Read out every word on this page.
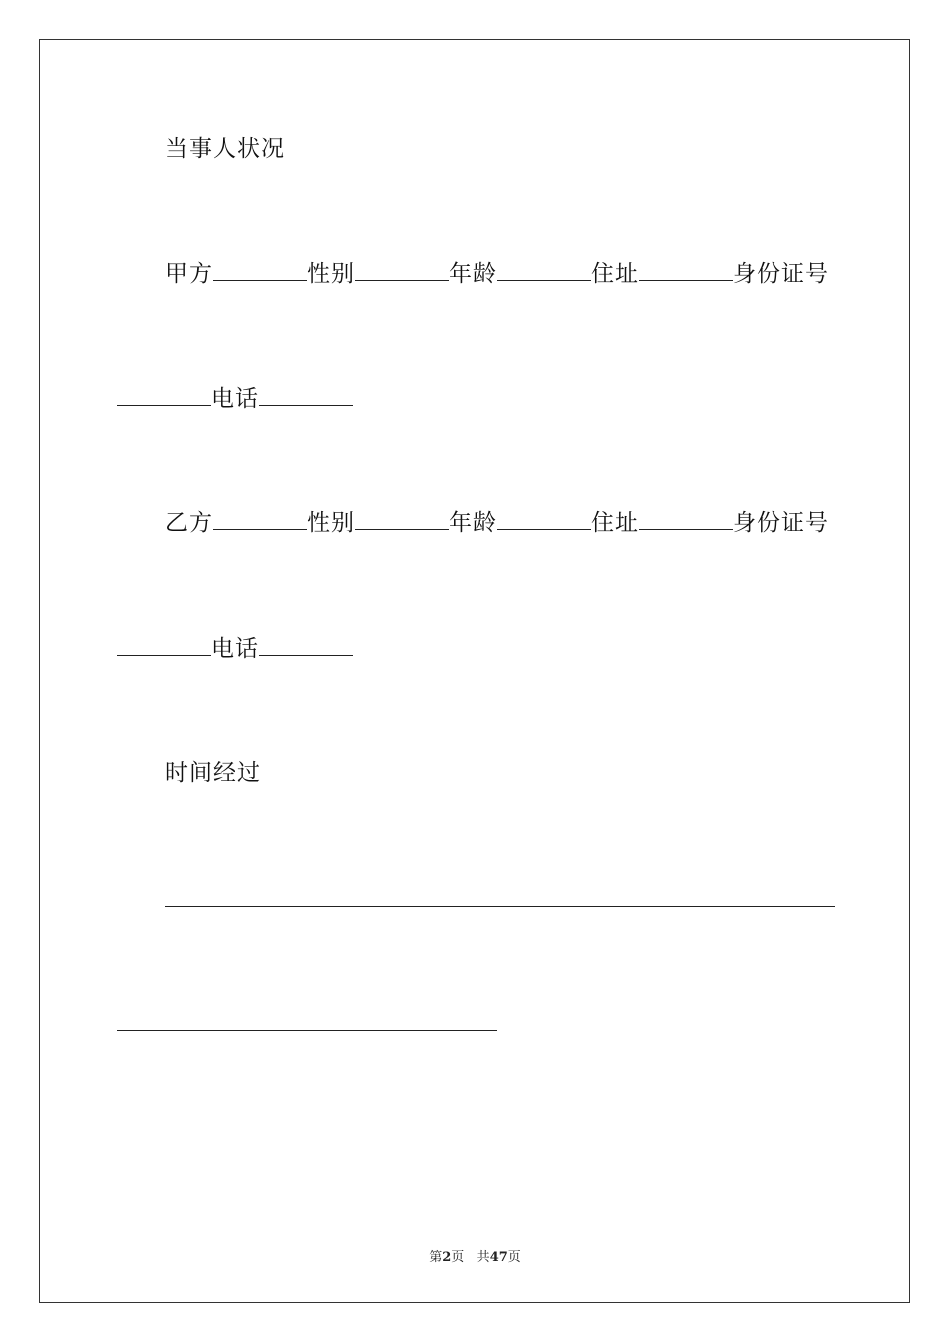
当事人状况
甲方	性别	年龄	住址	身份证号
电话
乙方	性别	年龄	住址	身份证号
电话
时间经过
第2页 共47页
